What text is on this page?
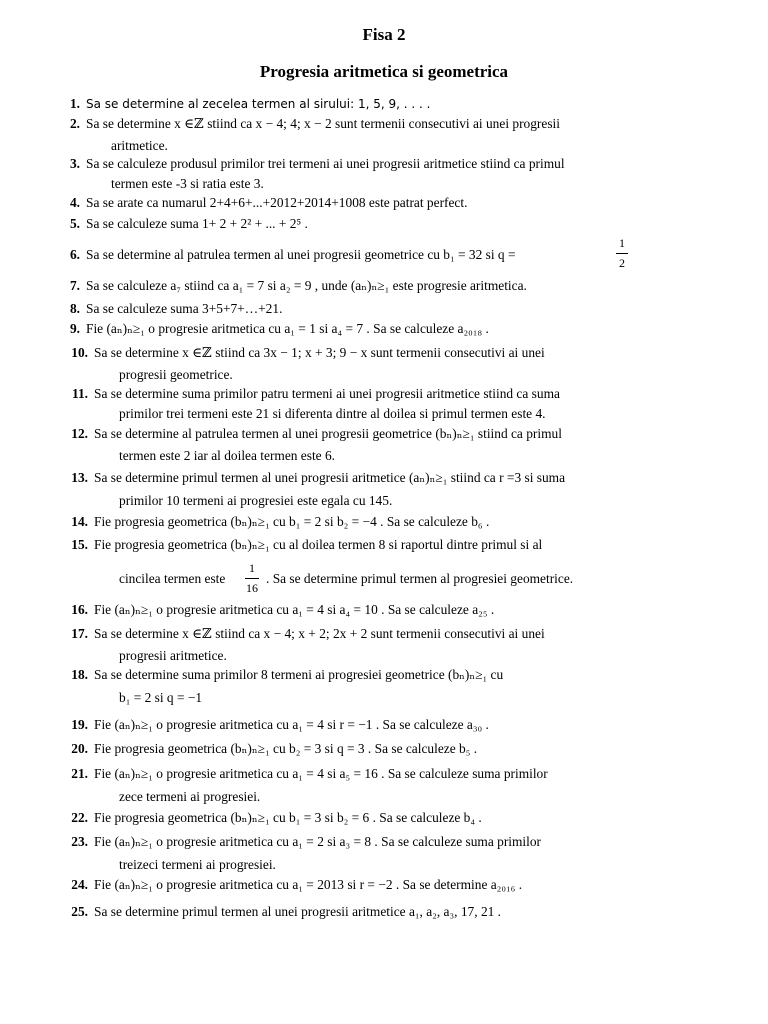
Fisa 2
Progresia aritmetica si geometrica
1. Sa se determine al zecelea termen al sirului: 1, 5, 9, . . . .
2. Sa se determine x ∈ℤ stiind ca x − 4; 4; x − 2 sunt termenii consecutivi ai unei progresii
aritmetice.
3. Sa se calculeze produsul primilor trei termeni ai unei progresii aritmetice stiind ca primul
termen este -3 si ratia este 3.
4. Sa se arate ca numarul 2+4+6+...+2012+2014+1008 este patrat perfect.
5. Sa se calculeze suma 1+ 2 + 2² + ... + 2⁵ .
6. Sa se determine al patrulea termen al unei progresii geometrice cu b₁ = 32 si q =
1
2
7. Sa se calculeze a₇ stiind ca a₁ = 7 si a₂ = 9 , unde (aₙ)ₙ≥₁ este progresie aritmetica.
8. Sa se calculeze suma 3+5+7+…+21.
9. Fie (aₙ)ₙ≥₁ o progresie aritmetica cu a₁ = 1 si a₄ = 7 . Sa se calculeze a₂₀₁₈ .
10. Sa se determine x ∈ℤ stiind ca 3x − 1; x + 3; 9 − x sunt termenii consecutivi ai unei
progresii geometrice.
11. Sa se determine suma primilor patru termeni ai unei progresii aritmetice stiind ca suma
primilor trei termeni este 21 si diferenta dintre al doilea si primul termen este 4.
12. Sa se determine al patrulea termen al unei progresii geometrice (bₙ)ₙ≥₁ stiind ca primul
termen este 2 iar al doilea termen este 6.
13. Sa se determine primul termen al unei progresii aritmetice (aₙ)ₙ≥₁ stiind ca r =3 si suma
primilor 10 termeni ai progresiei este egala cu 145.
14. Fie progresia geometrica (bₙ)ₙ≥₁ cu b₁ = 2 si b₂ = −4 . Sa se calculeze b₆ .
15. Fie progresia geometrica (bₙ)ₙ≥₁ cu al doilea termen 8 si raportul dintre primul si al
cincilea termen este
1
16
. Sa se determine primul termen al progresiei geometrice.
16. Fie (aₙ)ₙ≥₁ o progresie aritmetica cu a₁ = 4 si a₄ = 10 . Sa se calculeze a₂₅ .
17. Sa se determine x ∈ℤ stiind ca x − 4; x + 2; 2x + 2 sunt termenii consecutivi ai unei
progresii aritmetice.
18. Sa se determine suma primilor 8 termeni ai progresiei geometrice (bₙ)ₙ≥₁ cu
b₁ = 2 si q = −1
19. Fie (aₙ)ₙ≥₁ o progresie aritmetica cu a₁ = 4 si r = −1 . Sa se calculeze a₃₀ .
20. Fie progresia geometrica (bₙ)ₙ≥₁ cu b₂ = 3 si q = 3 . Sa se calculeze b₅ .
21. Fie (aₙ)ₙ≥₁ o progresie aritmetica cu a₁ = 4 si a₅ = 16 . Sa se calculeze suma primilor
zece termeni ai progresiei.
22. Fie progresia geometrica (bₙ)ₙ≥₁ cu b₁ = 3 si b₂ = 6 . Sa se calculeze b₄ .
23. Fie (aₙ)ₙ≥₁ o progresie aritmetica cu a₁ = 2 si a₃ = 8 . Sa se calculeze suma primilor
treizeci termeni ai progresiei.
24. Fie (aₙ)ₙ≥₁ o progresie aritmetica cu a₁ = 2013 si r = −2 . Sa se determine a₂₀₁₆ .
25. Sa se determine primul termen al unei progresii aritmetice a₁, a₂, a₃, 17, 21 .
